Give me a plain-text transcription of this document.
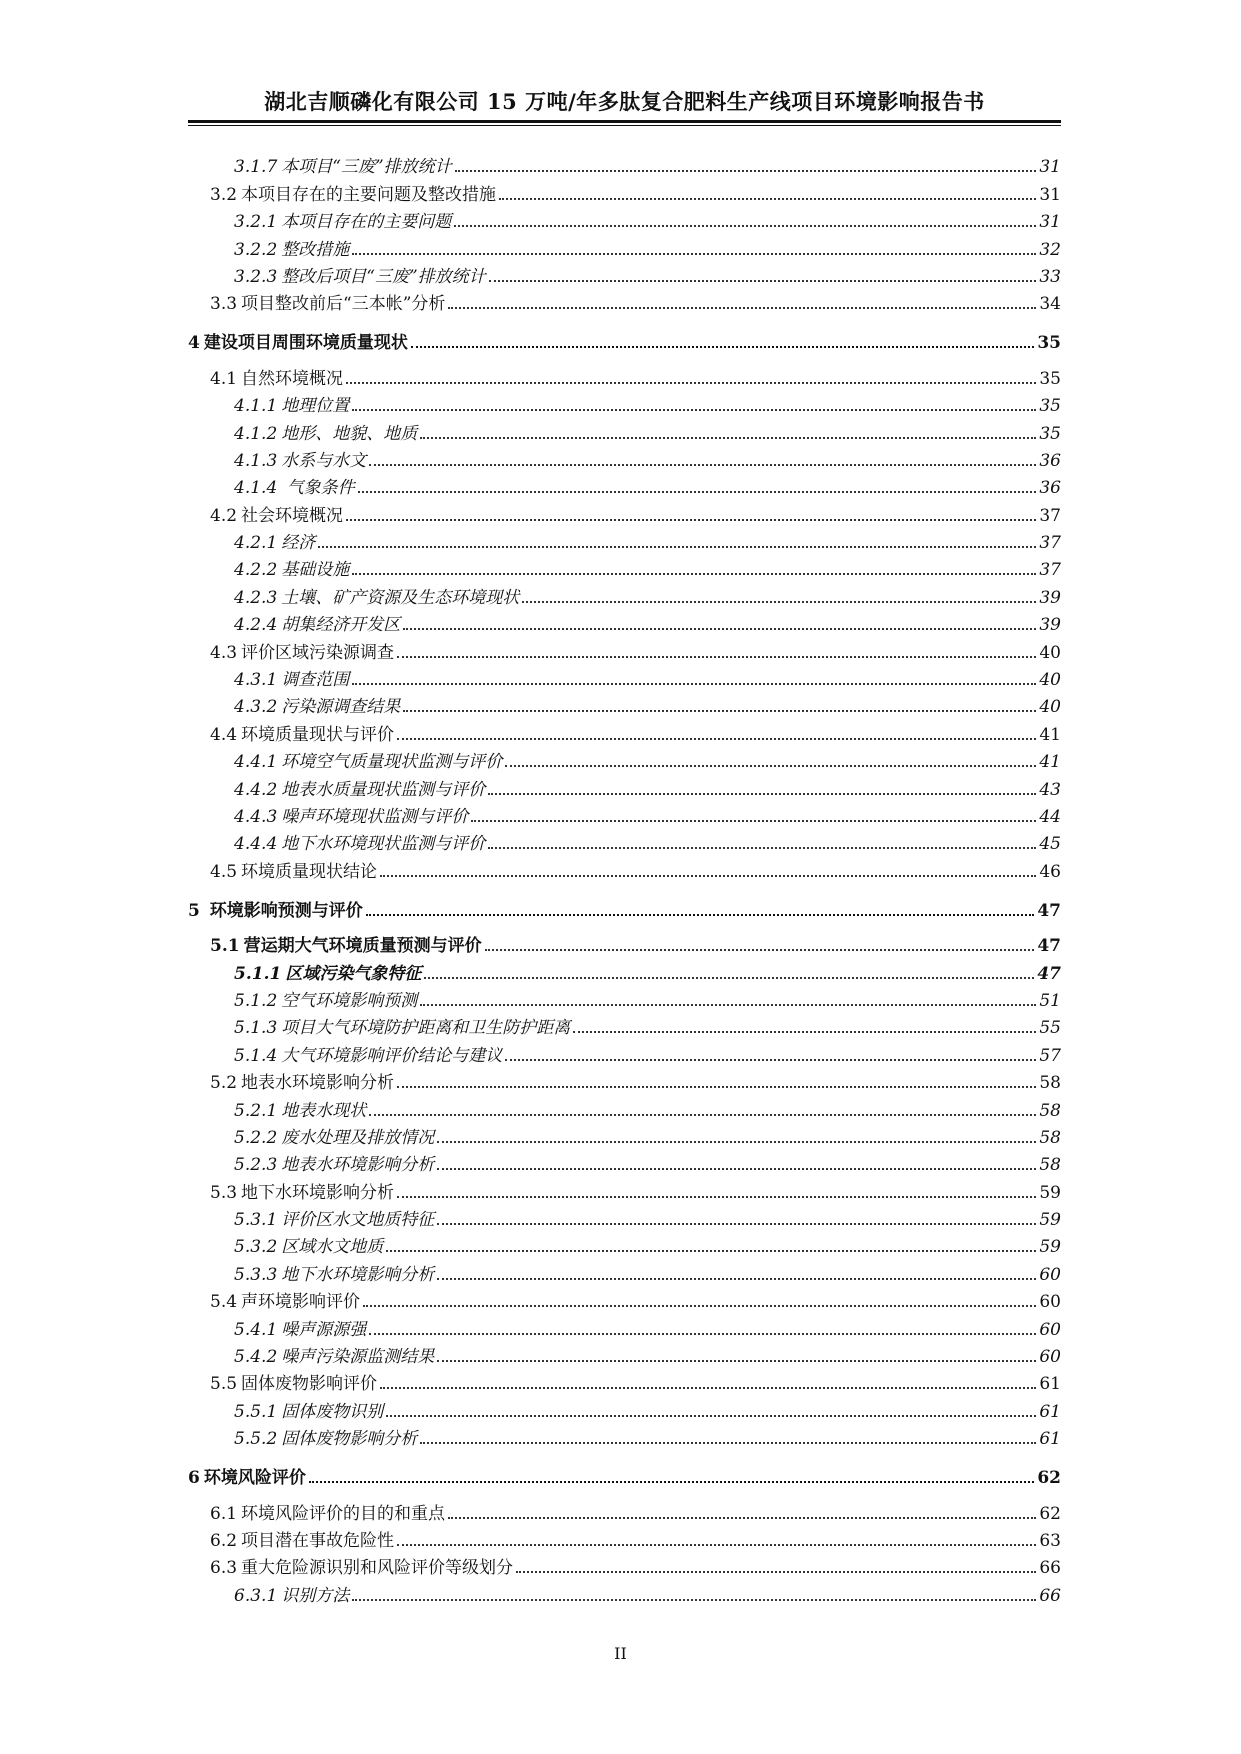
湖北吉顺磷化有限公司 15 万吨/年多肽复合肥料生产线项目环境影响报告书
3.1.7 本项目“三废”排放统计	31
3.2 本项目存在的主要问题及整改措施	31
3.2.1 本项目存在的主要问题	31
3.2.2 整改措施	32
3.2.3 整改后项目“三废”排放统计	33
3.3 项目整改前后“三本帐”分析	34
4 建设项目周围环境质量现状	35
4.1 自然环境概况	35
4.1.1 地理位置	35
4.1.2 地形、地貌、地质	35
4.1.3 水系与水文	36
4.1.4 气象条件	36
4.2 社会环境概况	37
4.2.1 经济	37
4.2.2 基础设施	37
4.2.3 土壤、矿产资源及生态环境现状	39
4.2.4 胡集经济开发区	39
4.3 评价区域污染源调查	40
4.3.1 调查范围	40
4.3.2 污染源调查结果	40
4.4 环境质量现状与评价	41
4.4.1 环境空气质量现状监测与评价	41
4.4.2 地表水质量现状监测与评价	43
4.4.3 噪声环境现状监测与评价	44
4.4.4 地下水环境现状监测与评价	45
4.5 环境质量现状结论	46
5 环境影响预测与评价	47
5.1 营运期大气环境质量预测与评价	47
5.1.1 区域污染气象特征	47
5.1.2 空气环境影响预测	51
5.1.3 项目大气环境防护距离和卫生防护距离	55
5.1.4 大气环境影响评价结论与建议	57
5.2 地表水环境影响分析	58
5.2.1 地表水现状	58
5.2.2 废水处理及排放情况	58
5.2.3 地表水环境影响分析	58
5.3 地下水环境影响分析	59
5.3.1 评价区水文地质特征	59
5.3.2 区域水文地质	59
5.3.3 地下水环境影响分析	60
5.4 声环境影响评价	60
5.4.1 噪声源源强	60
5.4.2 噪声污染源监测结果	60
5.5 固体废物影响评价	61
5.5.1 固体废物识别	61
5.5.2 固体废物影响分析	61
6 环境风险评价	62
6.1 环境风险评价的目的和重点	62
6.2 项目潜在事故危险性	63
6.3 重大危险源识别和风险评价等级划分	66
6.3.1 识别方法	66
II
